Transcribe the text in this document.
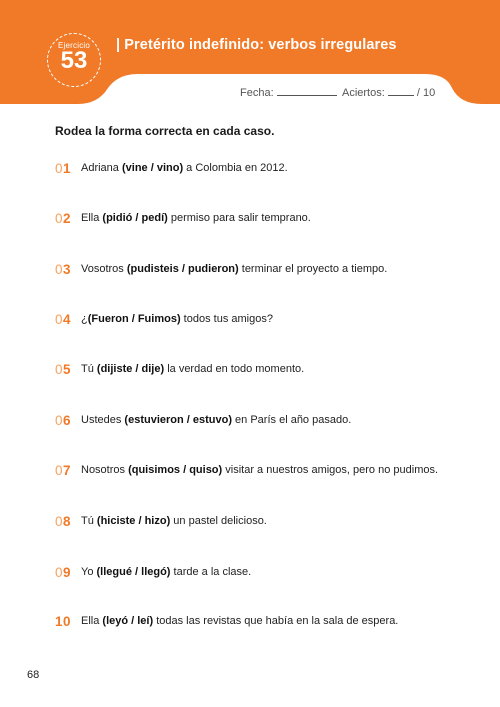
Ejercicio
53
| Pretérito indefinido: verbos irregulares
Fecha:	Aciertos:	/ 10
Rodea la forma correcta en cada caso.
01 Adriana (vine / vino) a Colombia en 2012.
02 Ella (pidió / pedí) permiso para salir temprano.
03 Vosotros (pudisteis / pudieron) terminar el proyecto a tiempo.
04 ¿(Fueron / Fuimos) todos tus amigos?
05 Tú (dijiste / dije) la verdad en todo momento.
06 Ustedes (estuvieron / estuvo) en París el año pasado.
07 Nosotros (quisimos / quiso) visitar a nuestros amigos, pero no pudimos.
08 Tú (hiciste / hizo) un pastel delicioso.
09 Yo (llegué / llegó) tarde a la clase.
10 Ella (leyó / leí) todas las revistas que había en la sala de espera.
68
